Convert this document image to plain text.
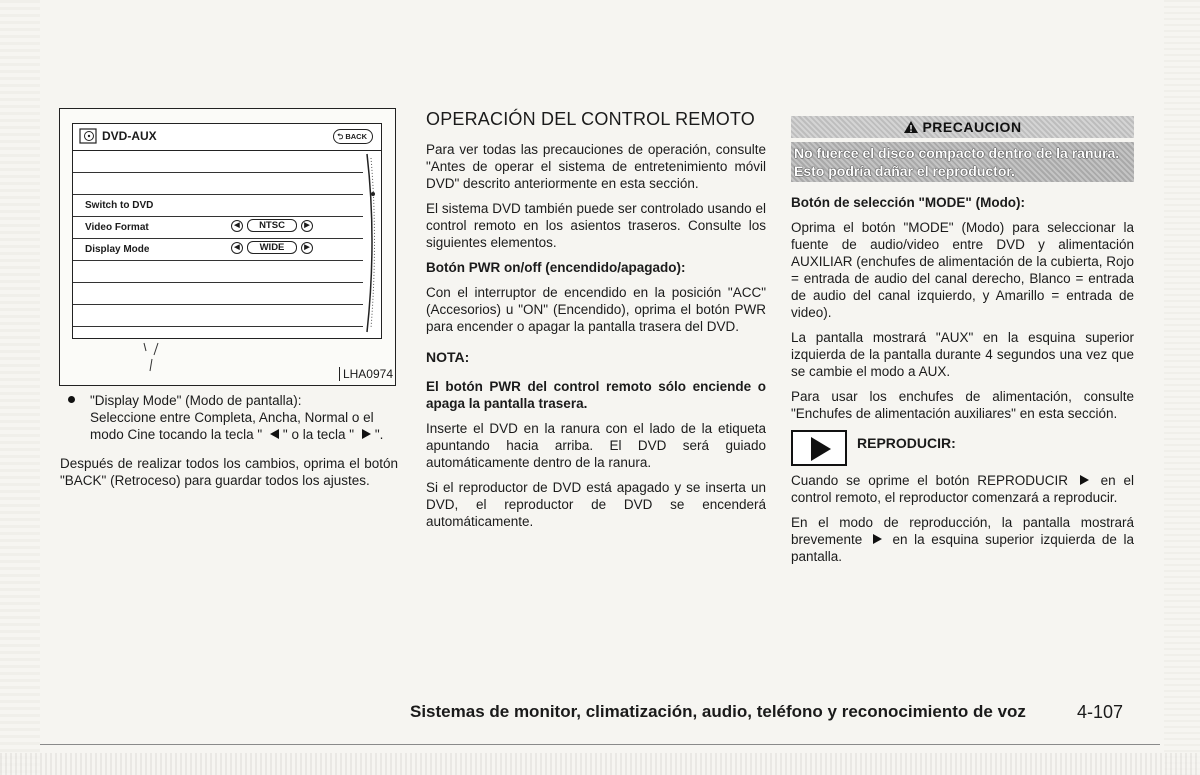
DVD-AUX	⮌ BACK
Switch to DVD
Video Format	◀	NTSC	▶
Display Mode	◀	WIDE	▶
LHA0974
"Display Mode" (Modo de pantalla):
Seleccione entre Completa, Ancha, Normal o el modo Cine tocando la tecla " " o la tecla " ".

Después de realizar todos los cambios, oprima el botón "BACK" (Retroceso) para guardar todos los ajustes.

OPERACIÓN DEL CONTROL REMOTO

Para ver todas las precauciones de operación, consulte "Antes de operar el sistema de entretenimiento móvil DVD" descrito anteriormente en esta sección.

El sistema DVD también puede ser controlado usando el control remoto en los asientos traseros. Consulte los siguientes elementos.

Botón PWR on/off (encendido/apagado):

Con el interruptor de encendido en la posición "ACC" (Accesorios) u "ON" (Encendido), oprima el botón PWR para encender o apagar la pantalla trasera del DVD.

NOTA:

El botón PWR del control remoto sólo enciende o apaga la pantalla trasera.

Inserte el DVD en la ranura con el lado de la etiqueta apuntando hacia arriba. El DVD será guiado automáticamente dentro de la ranura.

Si el reproductor de DVD está apagado y se inserta un DVD, el reproductor de DVD se encenderá automáticamente.

PRECAUCION
No fuerce el disco compacto dentro de la ranura. Esto podría dañar el reproductor.

Botón de selección "MODE" (Modo):

Oprima el botón "MODE" (Modo) para seleccionar la fuente de audio/video entre DVD y alimentación AUXILIAR (enchufes de alimentación de la cubierta, Rojo = entrada de audio del canal derecho, Blanco = entrada de audio del canal izquierdo, y Amarillo = entrada de video).

La pantalla mostrará "AUX" en la esquina superior izquierda de la pantalla durante 4 segundos una vez que se cambie el modo a AUX.

Para usar los enchufes de alimentación, consulte "Enchufes de alimentación auxiliares" en esta sección.

REPRODUCIR:

Cuando se oprime el botón REPRODUCIR en el control remoto, el reproductor comenzará a reproducir.

En el modo de reproducción, la pantalla mostrará brevemente en la esquina superior izquierda de la pantalla.

Sistemas de monitor, climatización, audio, teléfono y reconocimiento de voz	4-107
